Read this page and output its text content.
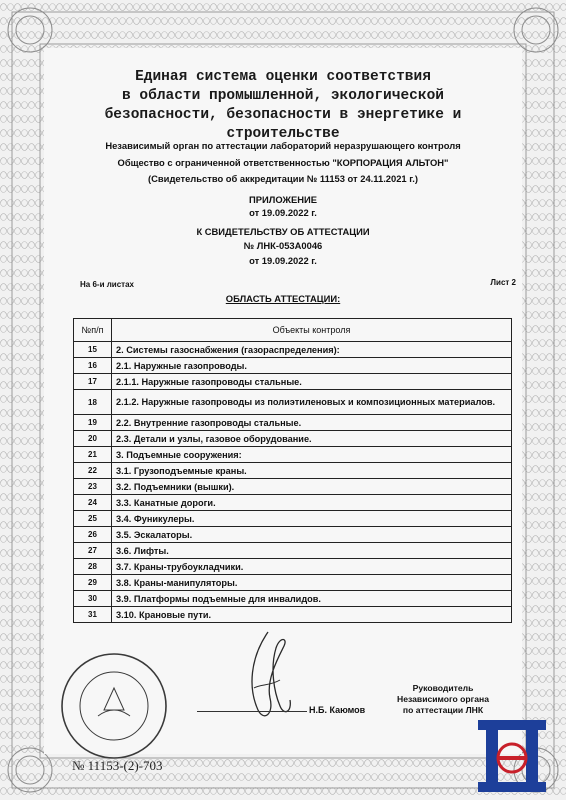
Единая система оценки соответствия
в области промышленной, экологической
безопасности, безопасности в энергетике и
строительстве
Независимый орган по аттестации лабораторий неразрушающего контроля
Общество с ограниченной ответственностью "КОРПОРАЦИЯ АЛЬТОН"
(Свидетельство об аккредитации № 11153 от 24.11.2021 г.)
ПРИЛОЖЕНИЕ
от 19.09.2022 г.
К СВИДЕТЕЛЬСТВУ ОБ АТТЕСТАЦИИ
№ ЛНК-053А0046
от 19.09.2022 г.
На 6-и листах	Лист 2
ОБЛАСТЬ АТТЕСТАЦИИ:
№п/п	Объекты контроля
15	2. Системы газоснабжения (газораспределения):
16	2.1. Наружные газопроводы.
17	2.1.1. Наружные газопроводы стальные.
18	2.1.2. Наружные газопроводы из полиэтиленовых и композиционных материалов.
19	2.2. Внутренние газопроводы стальные.
20	2.3. Детали и узлы, газовое оборудование.
21	3. Подъемные сооружения:
22	3.1. Грузоподъемные краны.
23	3.2. Подъемники (вышки).
24	3.3. Канатные дороги.
25	3.4. Фуникулеры.
26	3.5. Эскалаторы.
27	3.6. Лифты.
28	3.7. Краны-трубоукладчики.
29	3.8. Краны-манипуляторы.
30	3.9. Платформы подъемные для инвалидов.
31	3.10. Крановые пути.
Н.Б. Каюмов
Руководитель
Независимого органа
по аттестации ЛНК
№ 11153-(2)-703
